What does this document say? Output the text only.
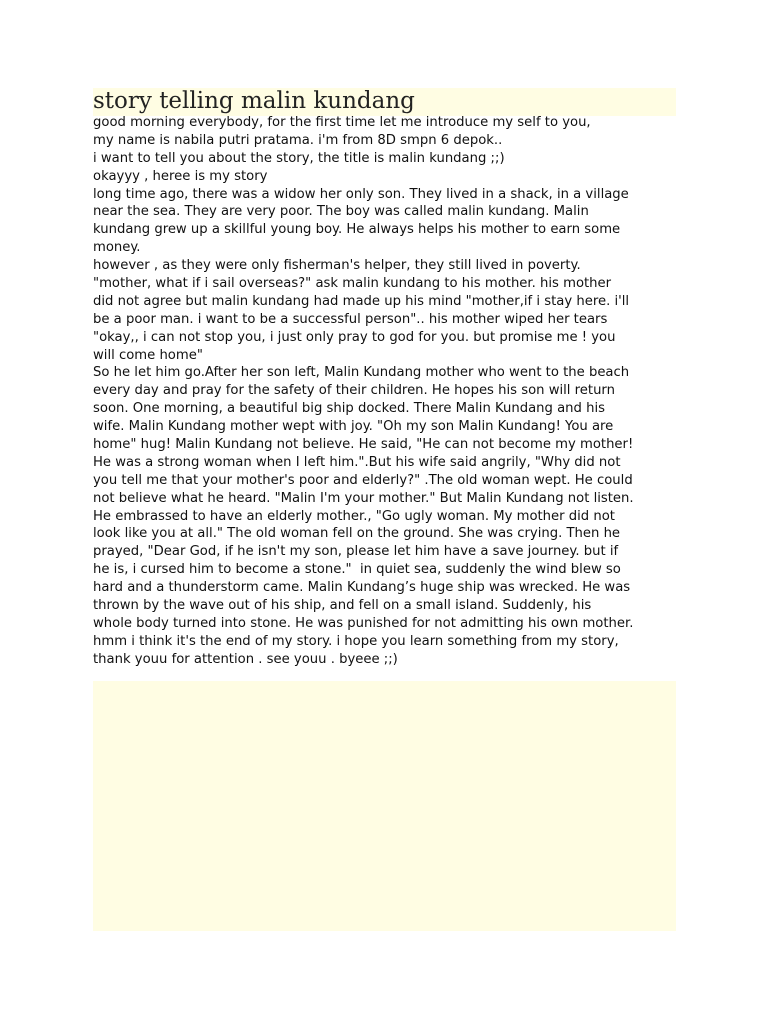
story telling malin kundang
good morning everybody, for the first time let me introduce my self to you,
my name is nabila putri pratama. i'm from 8D smpn 6 depok..
i want to tell you about the story, the title is malin kundang ;;)
okayyy , heree is my story
long time ago, there was a widow her only son. They lived in a shack, in a village
near the sea. They are very poor. The boy was called malin kundang. Malin
kundang grew up a skillful young boy. He always helps his mother to earn some
money.
however , as they were only fisherman's helper, they still lived in poverty.
"mother, what if i sail overseas?" ask malin kundang to his mother. his mother
did not agree but malin kundang had made up his mind "mother,if i stay here. i'll
be a poor man. i want to be a successful person".. his mother wiped her tears
"okay,, i can not stop you, i just only pray to god for you. but promise me ! you
will come home"
So he let him go.After her son left, Malin Kundang mother who went to the beach
every day and pray for the safety of their children. He hopes his son will return
soon. One morning, a beautiful big ship docked. There Malin Kundang and his
wife. Malin Kundang mother wept with joy. "Oh my son Malin Kundang! You are
home" hug! Malin Kundang not believe. He said, "He can not become my mother!
He was a strong woman when I left him.".But his wife said angrily, "Why did not
you tell me that your mother's poor and elderly?" .The old woman wept. He could
not believe what he heard. "Malin I'm your mother." But Malin Kundang not listen.
He embrassed to have an elderly mother., "Go ugly woman. My mother did not
look like you at all." The old woman fell on the ground. She was crying. Then he
prayed, "Dear God, if he isn't my son, please let him have a save journey. but if
he is, i cursed him to become a stone."  in quiet sea, suddenly the wind blew so
hard and a thunderstorm came. Malin Kundang’s huge ship was wrecked. He was
thrown by the wave out of his ship, and fell on a small island. Suddenly, his
whole body turned into stone. He was punished for not admitting his own mother.
hmm i think it's the end of my story. i hope you learn something from my story,
thank youu for attention . see youu . byeee ;;)
